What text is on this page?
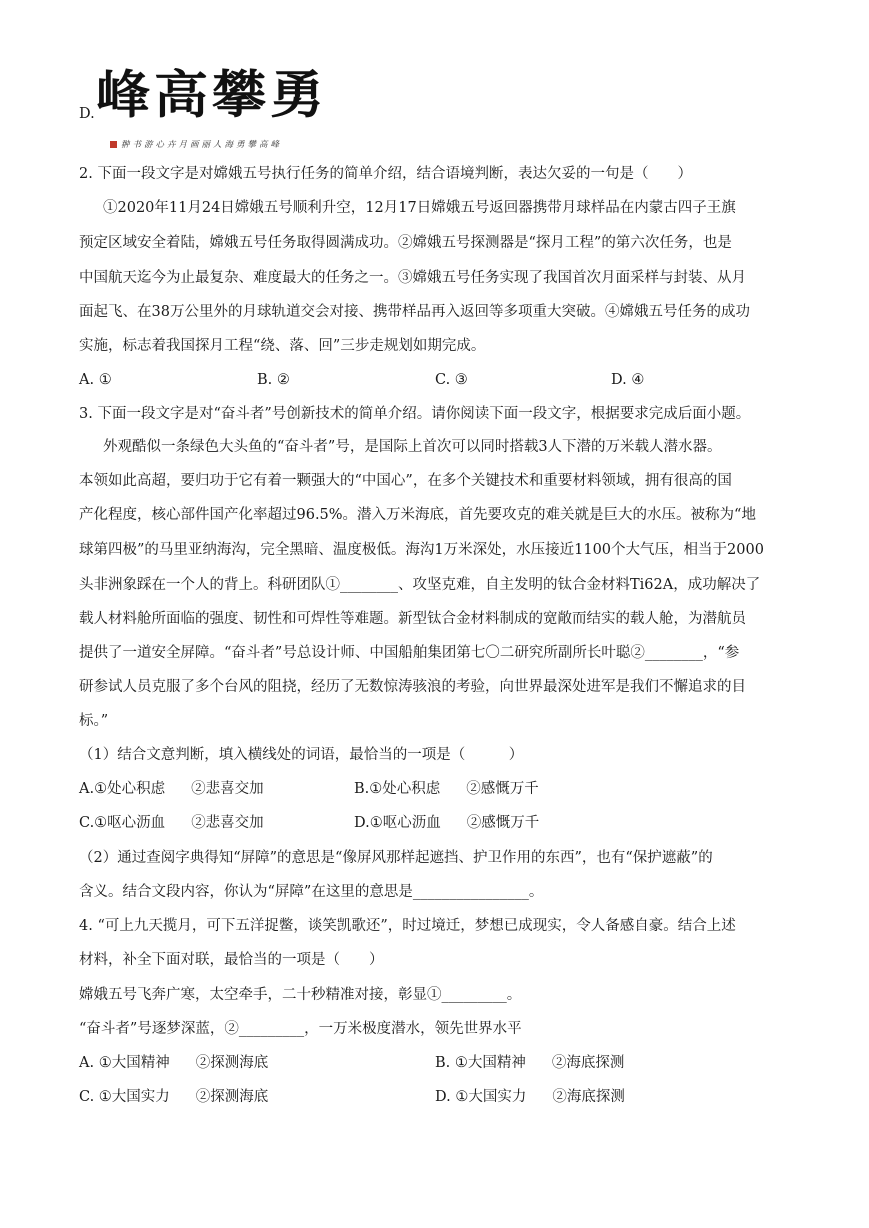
D. 峰高攀勇
翀书游心卉月画丽人海勇攀高峰
2. 下面一段文字是对嫦娥五号执行任务的简单介绍，结合语境判断，表达欠妥的一句是（　　）
①2020年11月24日嫦娥五号顺利升空，12月17日嫦娥五号返回器携带月球样品在内蒙古四子王旗
预定区域安全着陆，嫦娥五号任务取得圆满成功。②嫦娥五号探测器是“探月工程”的第六次任务，也是
中国航天迄今为止最复杂、难度最大的任务之一。③嫦娥五号任务实现了我国首次月面采样与封装、从月
面起飞、在38万公里外的月球轨道交会对接、携带样品再入返回等多项重大突破。④嫦娥五号任务的成功
实施，标志着我国探月工程“绕、落、回”三步走规划如期完成。
A. ①	B. ②	C. ③	D. ④
3. 下面一段文字是对“奋斗者”号创新技术的简单介绍。请你阅读下面一段文字，根据要求完成后面小题。
外观酷似一条绿色大头鱼的“奋斗者”号，是国际上首次可以同时搭载3人下潜的万米载人潜水器。
本领如此高超，要归功于它有着一颗强大的“中国心”，在多个关键技术和重要材料领域，拥有很高的国
产化程度，核心部件国产化率超过96.5%。潜入万米海底，首先要攻克的难关就是巨大的水压。被称为“地
球第四极”的马里亚纳海沟，完全黑暗、温度极低。海沟1万米深处，水压接近1100个大气压，相当于2000
头非洲象踩在一个人的背上。科研团队①________、攻坚克难，自主发明的钛合金材料Ti62A，成功解决了
载人材料舱所面临的强度、韧性和可焊性等难题。新型钛合金材料制成的宽敞而结实的载人舱，为潜航员
提供了一道安全屏障。“奋斗者”号总设计师、中国船舶集团第七〇二研究所副所长叶聪②________，“参
研参试人员克服了多个台风的阻挠，经历了无数惊涛骇浪的考验，向世界最深处进军是我们不懈追求的目
标。”
（1）结合文意判断，填入横线处的词语，最恰当的一项是（　　　）
A.①处心积虑 ②悲喜交加	B.①处心积虑 ②感慨万千
C.①呕心沥血 ②悲喜交加	D.①呕心沥血 ②感慨万千
（2）通过查阅字典得知“屏障”的意思是“像屏风那样起遮挡、护卫作用的东西”，也有“保护遮蔽”的
含义。结合文段内容，你认为“屏障”在这里的意思是________________。
4. “可上九天揽月，可下五洋捉鳖，谈笑凯歌还”，时过境迁，梦想已成现实，令人备感自豪。结合上述
材料，补全下面对联，最恰当的一项是（　　）
嫦娥五号飞奔广寒，太空牵手，二十秒精准对接，彰显①_________。
“奋斗者”号逐梦深蓝，②_________，一万米极度潜水，领先世界水平
A. ①大国精神 ②探测海底	B. ①大国精神 ②海底探测
C. ①大国实力 ②探测海底	D. ①大国实力 ②海底探测
